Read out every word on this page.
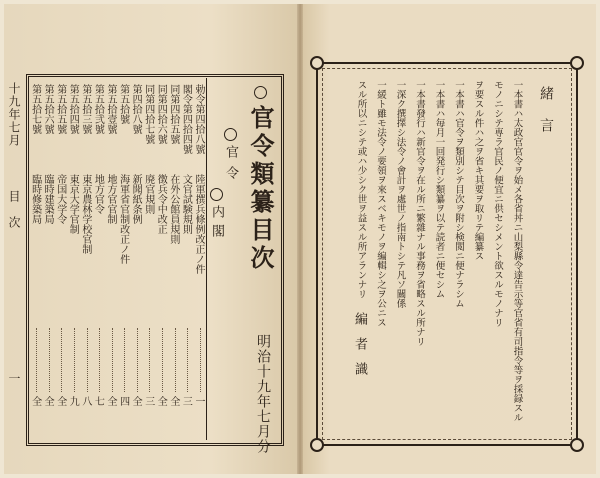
十九年七月
目次
一
官令類纂目次
官令
内閣
明治十九年七月分
勅令第四拾八號
陸軍撰兵條例改正ノ件
一
閣令第四拾四號
文官試験規則
三
同第四拾五號
在外公館員規則
全
同第四拾六號
徴兵令中改正
全
同第四拾七號
廃官規則
三
第四拾八號
新聞紙条例
全
第五拾號
海軍省官制改正ノ件
四
第五拾壹號
地方官官制
全
第五拾弐號
地方官令
七
第五拾三號
東京農林学校官制
八
第五拾四號
東京大学官制
九
第五拾五號
帝国大学令
全
第五拾六號
臨時建築局
全
第五拾七號
臨時修築局
全
緒言
一本書ハ太政官官令ヲ始メ各省丼ニ山梨縣令達告示等官省有司指令等ヲ採録スル
モノニシテ専ラ官民ノ便宜ニ供セシメント欲スルモノナリ
ヲ要スル件ハ之ヲ省キ其要ヲ取リテ編纂ス
一本書ハ官令ヲ類別シテ目次ヲ附シ検閲ニ便ナラシム
一本書ハ毎月一回発行シ類纂ヲ以テ読者ニ便セシム
一本書發行ハ新官令ヲ在ル所ニ繁雜ナル事務ヲ省略スル所ナリ
一深ク撰擇シ法令ノ會計ヲ處世ノ指南トシテ凡ソ關係
一緩ト雖モ法令ノ要領ヲ來スベキモノヲ編輯シ之ヲ公ニス
スル所以ニシテ或ハ少シク世ヲ益スル所アランナリ
編者識
